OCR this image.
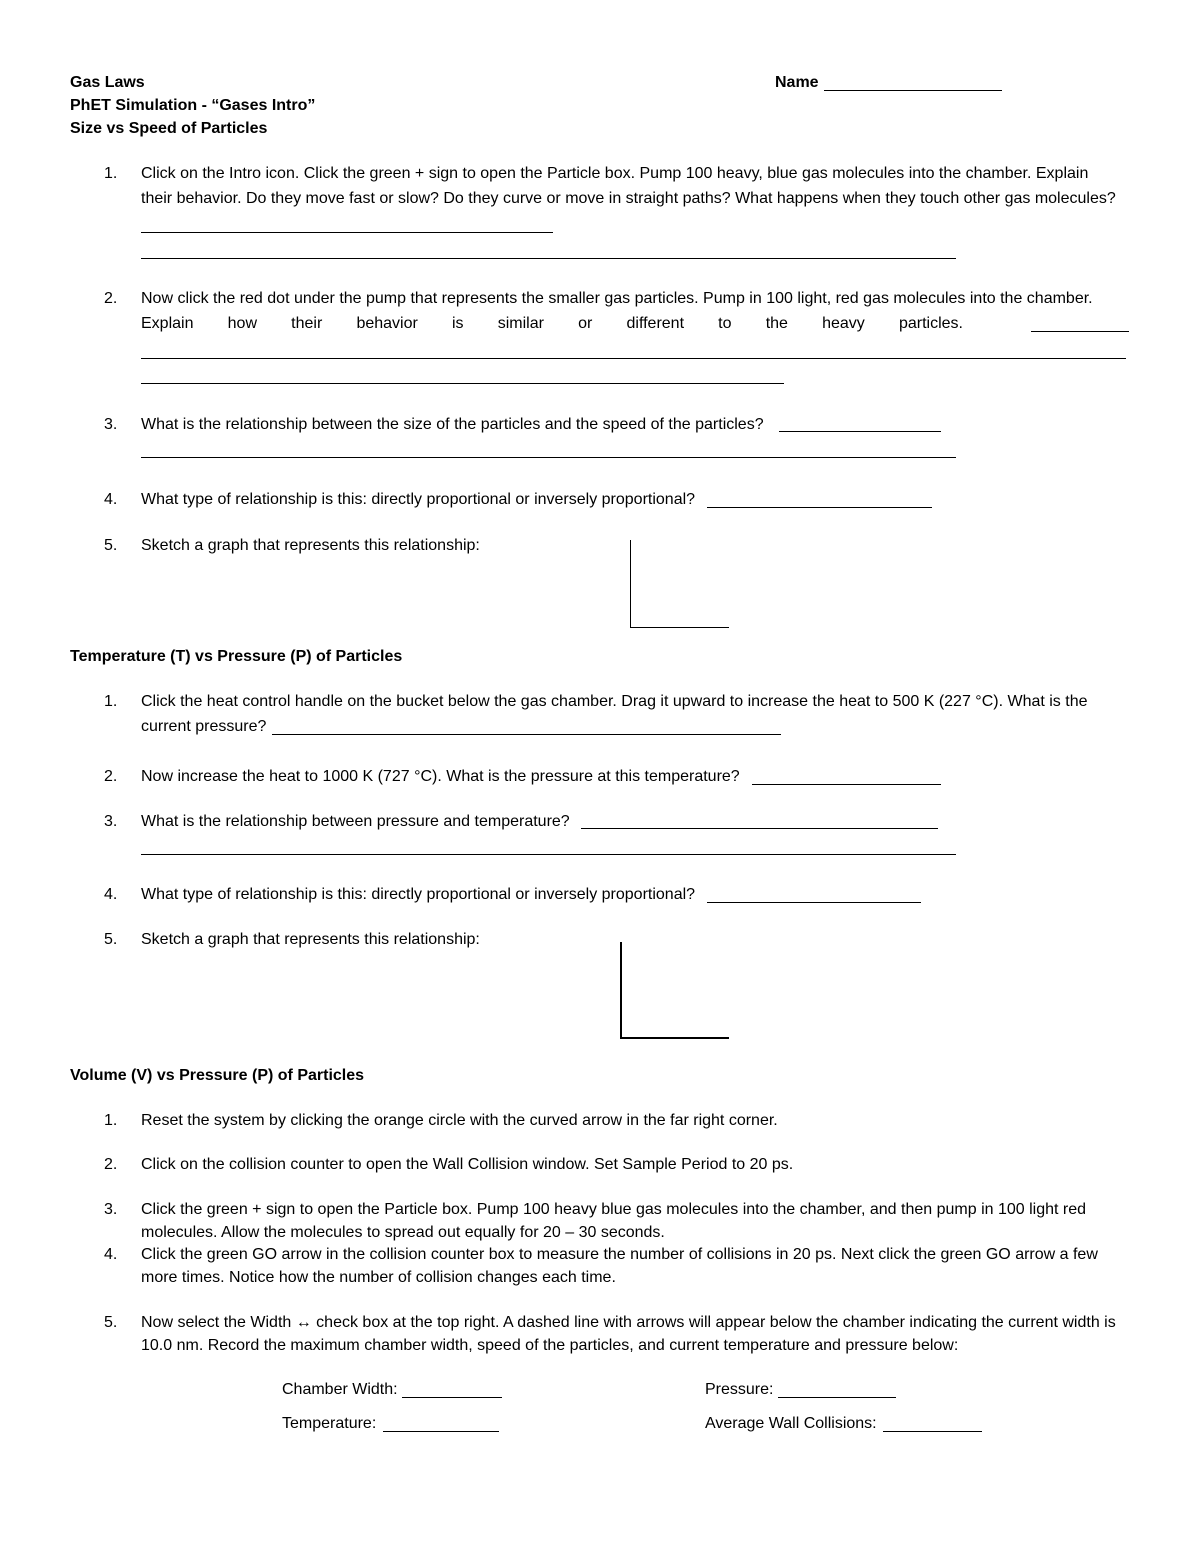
Gas Laws
PhET Simulation - “Gases Intro”
Size vs Speed of Particles
Name
1. Click on the Intro icon. Click the green + sign to open the Particle box. Pump 100 heavy, blue gas molecules into the chamber. Explain
their behavior. Do they move fast or slow? Do they curve or move in straight paths? What happens when they touch other gas molecules?
2. Now click the red dot under the pump that represents the smaller gas particles. Pump in 100 light, red gas molecules into the chamber.
Explain how their behavior is similar or different to the heavy particles.
3. What is the relationship between the size of the particles and the speed of the particles?
4. What type of relationship is this: directly proportional or inversely proportional?
5. Sketch a graph that represents this relationship:
Temperature (T) vs Pressure (P) of Particles
1. Click the heat control handle on the bucket below the gas chamber. Drag it upward to increase the heat to 500 K (227 °C). What is the
current pressure?
2. Now increase the heat to 1000 K (727 °C). What is the pressure at this temperature?
3. What is the relationship between pressure and temperature?
4. What type of relationship is this: directly proportional or inversely proportional?
5. Sketch a graph that represents this relationship:
Volume (V) vs Pressure (P) of Particles
1. Reset the system by clicking the orange circle with the curved arrow in the far right corner.
2. Click on the collision counter to open the Wall Collision window. Set Sample Period to 20 ps.
3. Click the green + sign to open the Particle box. Pump 100 heavy blue gas molecules into the chamber, and then pump in 100 light red
molecules. Allow the molecules to spread out equally for 20 – 30 seconds.
4. Click the green GO arrow in the collision counter box to measure the number of collisions in 20 ps. Next click the green GO arrow a few
more times. Notice how the number of collision changes each time.
5. Now select the Width ↔ check box at the top right. A dashed line with arrows will appear below the chamber indicating the current width is
10.0 nm. Record the maximum chamber width, speed of the particles, and current temperature and pressure below:
Chamber Width:	Pressure:
Temperature:	Average Wall Collisions:
